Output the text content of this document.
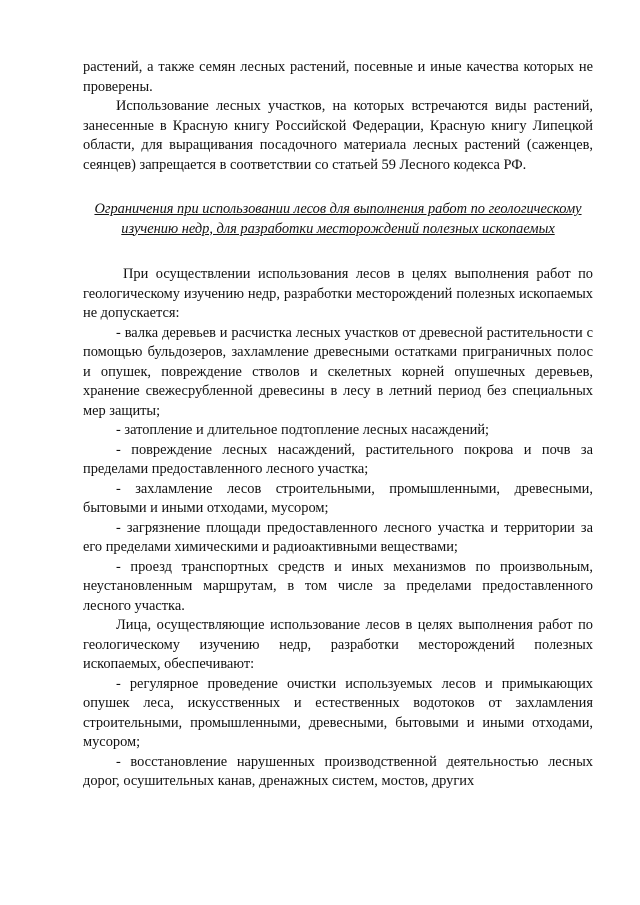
растений, а также семян лесных растений, посевные и иные качества которых не проверены.

Использование лесных участков, на которых встречаются виды растений, занесенные в Красную книгу Российской Федерации, Красную книгу Липецкой области, для выращивания посадочного материала лесных растений (саженцев, сеянцев) запрещается в соответствии со статьей 59 Лесного кодекса РФ.

Ограничения при использовании лесов для выполнения работ по геологическому изучению недр, для разработки месторождений полезных ископаемых

При осуществлении использования лесов в целях выполнения работ по геологическому изучению недр, разработки месторождений полезных ископаемых не допускается:

- валка деревьев и расчистка лесных участков от древесной растительности с помощью бульдозеров, захламление древесными остатками приграничных полос и опушек, повреждение стволов и скелетных корней опушечных деревьев, хранение свежесрубленной древесины в лесу в летний период без специальных мер защиты;

- затопление и длительное подтопление лесных насаждений;

- повреждение лесных насаждений, растительного покрова и почв за пределами предоставленного лесного участка;

- захламление лесов строительными, промышленными, древесными, бытовыми и иными отходами, мусором;

- загрязнение площади предоставленного лесного участка и территории за его пределами химическими и радиоактивными веществами;

- проезд транспортных средств и иных механизмов по произвольным, неустановленным маршрутам, в том числе за пределами предоставленного лесного участка.

Лица, осуществляющие использование лесов в целях выполнения работ по геологическому изучению недр, разработки месторождений полезных ископаемых, обеспечивают:

- регулярное проведение очистки используемых лесов и примыкающих опушек леса, искусственных и естественных водотоков от захламления строительными, промышленными, древесными, бытовыми и иными отходами, мусором;

- восстановление нарушенных производственной деятельностью лесных дорог, осушительных канав, дренажных систем, мостов, других
